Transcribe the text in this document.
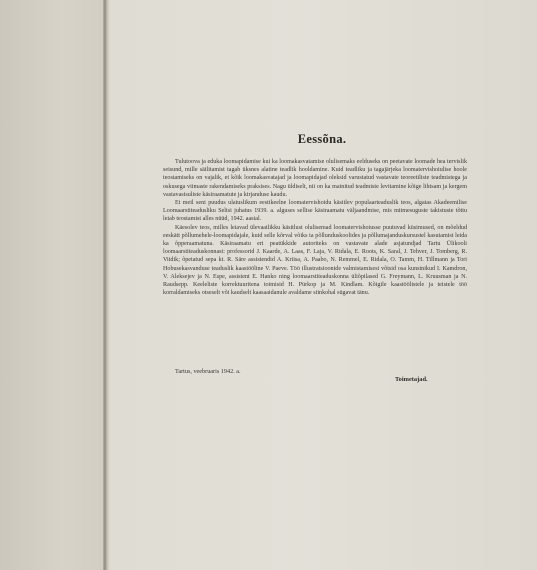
Eessõna.

Tulutoova ja eduka loomapidamise kui ka loomakasvatamise olulisemaks eelduseks on peetavate loomade hea tervislik seisund, mille säilitamist tagab üksnes alatine teadlik hooldamine. Kuid teadliku ja tagajärjeka loomatervishoiulise hoole teostamiseks on vajalik, et kõik loomakasvatajad ja loomapidajad oleksid varustatud vastavate teoreetiliste teadmistega ja oskusega viimaste rakendamiseks praksises. Nagu üldiselt, nii on ka mainitud teadmiste levitamine kõige lihtsam ja kergem vastavasisuliste käsiraamatute ja kirjanduse kaudu.

Et meil seni puudus ulatuslikum eestikeelne loomatervishoidu käsitlev populaarteaduslik teos, algatas Akadeemilise Loomaarstiteadusliku Seltsi juhatus 1939. a. alguses sellise käsiraamatu väljaandmise, mis mitmesuguste takistuste tõttu leiab teostamist alles nüüd, 1942. aastal.

Käesolev teos, milles leiavad ülevaatlikku käsitlust olulisemad loomatervishoiusse puutuvad küsimused, on mõeldud eeskätt põllumehele-loomapidajale, kuid selle kõrval võiks ta põllunduskoolides ja põllumajanduskursustel kasutamist leida ka õpperaamatuna. Käsiraamatu eri peatükkide autoriteks on vastavate alade asjatundjad Tartu Ülikooli loomaarstiteaduskonnast: professorid J. Kaarde, A. Laas, F. Laja, V. Ridala, E. Roots, K. Saral, J. Tehver, J. Tomberg, R. Viidik; õpetatud sepa kt. R. Säre assistendid A. Kriisa, A. Paabo, N. Remmel, E. Ridala, O. Tamm, H. Tillmann ja Tori Hobusekasvanduse teaduslik kaastööline V. Paeve. Töö illustratsioonide valmistamisest võtsid osa kunstnikud I. Kamdron, V. Aleksejev ja N. Espe, assistent E. Hanko ning loomaarstiteaduskonna üliõpilased G. Freymann, L. Kruusman ja N. Raudsepp. Keeleliste korrektuuritena toimisid H. Pürkop ja M. Kindlam. Kõigile kaastöölistele ja teistele töö korraldamiseks otseselt või kaudselt kaasaaidanule avaldame siinkohal sügavat tänu.

Tartus, veebruaris 1942. a.
Toimetajad.
